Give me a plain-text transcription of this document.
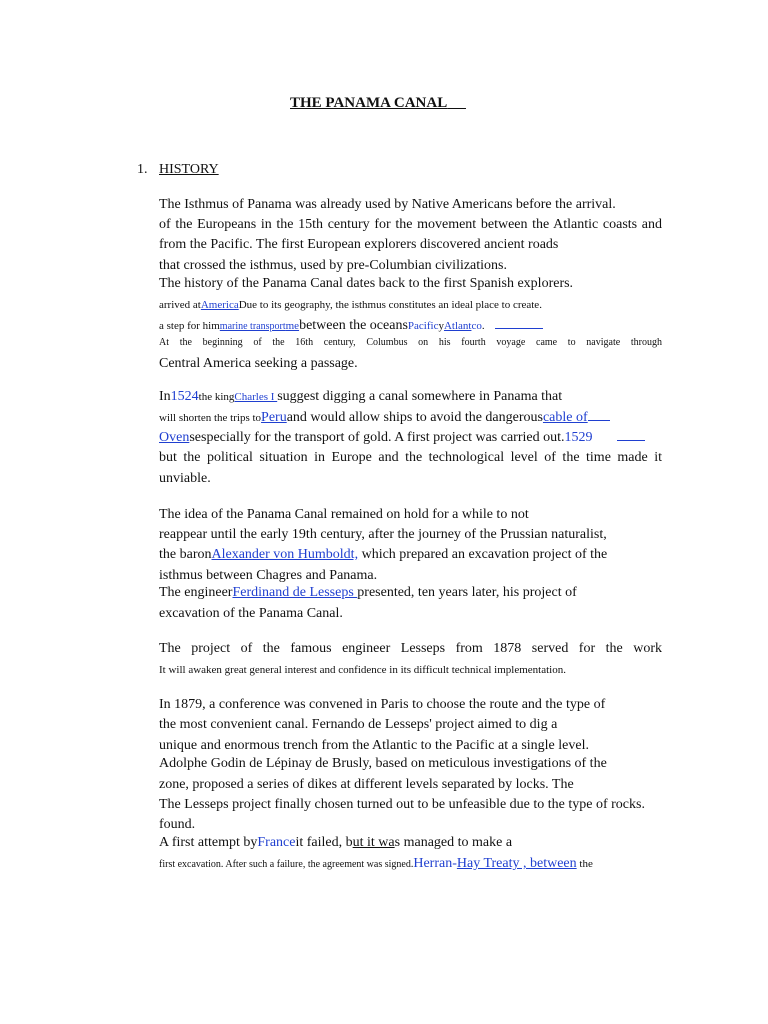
THE PANAMA CANAL
1. HISTORY
The Isthmus of Panama was already used by Native Americans before the arrival.
of the Europeans in the 15th century for the movement between the Atlantic coasts and
from the Pacific. The first European explorers discovered ancient roads
that crossed the isthmus, used by pre-Columbian civilizations.
The history of the Panama Canal dates back to the first Spanish explorers.
arrived atAmericaDue to its geography, the isthmus constitutes an ideal place to create.
a step for himmarine transportmebetween the oceansPacificyAtlantco.
At the beginning of the 16th century, Columbus on his fourth voyage came to navigate through
Central America seeking a passage.
In1524the kingCharles I suggest digging a canal somewhere in Panama that
will shorten the trips toPeruand would allow ships to avoid the dangerouscable of
Ovensespecially for the transport of gold. A first project was carried out.1529
but the political situation in Europe and the technological level of the time made it
unviable.
The idea of the Panama Canal remained on hold for a while to not
reappear until the early 19th century, after the journey of the Prussian naturalist,
the baronAlexander von Humboldt, which prepared an excavation project of the
isthmus between Chagres and Panama.
The engineerFerdinand de Lesseps presented, ten years later, his project of
excavation of the Panama Canal.
The project of the famous engineer Lesseps from 1878 served for the work
It will awaken great general interest and confidence in its difficult technical implementation.
In 1879, a conference was convened in Paris to choose the route and the type of
the most convenient canal. Fernando de Lesseps' project aimed to dig a
unique and enormous trench from the Atlantic to the Pacific at a single level.
Adolphe Godin de Lépinay de Brusly, based on meticulous investigations of the
zone, proposed a series of dikes at different levels separated by locks. The
The Lesseps project finally chosen turned out to be unfeasible due to the type of rocks.
found.
A first attempt byFranceit failed, but it was managed to make a
first excavation. After such a failure, the agreement was signed.Herran-Hay Treaty , between the
